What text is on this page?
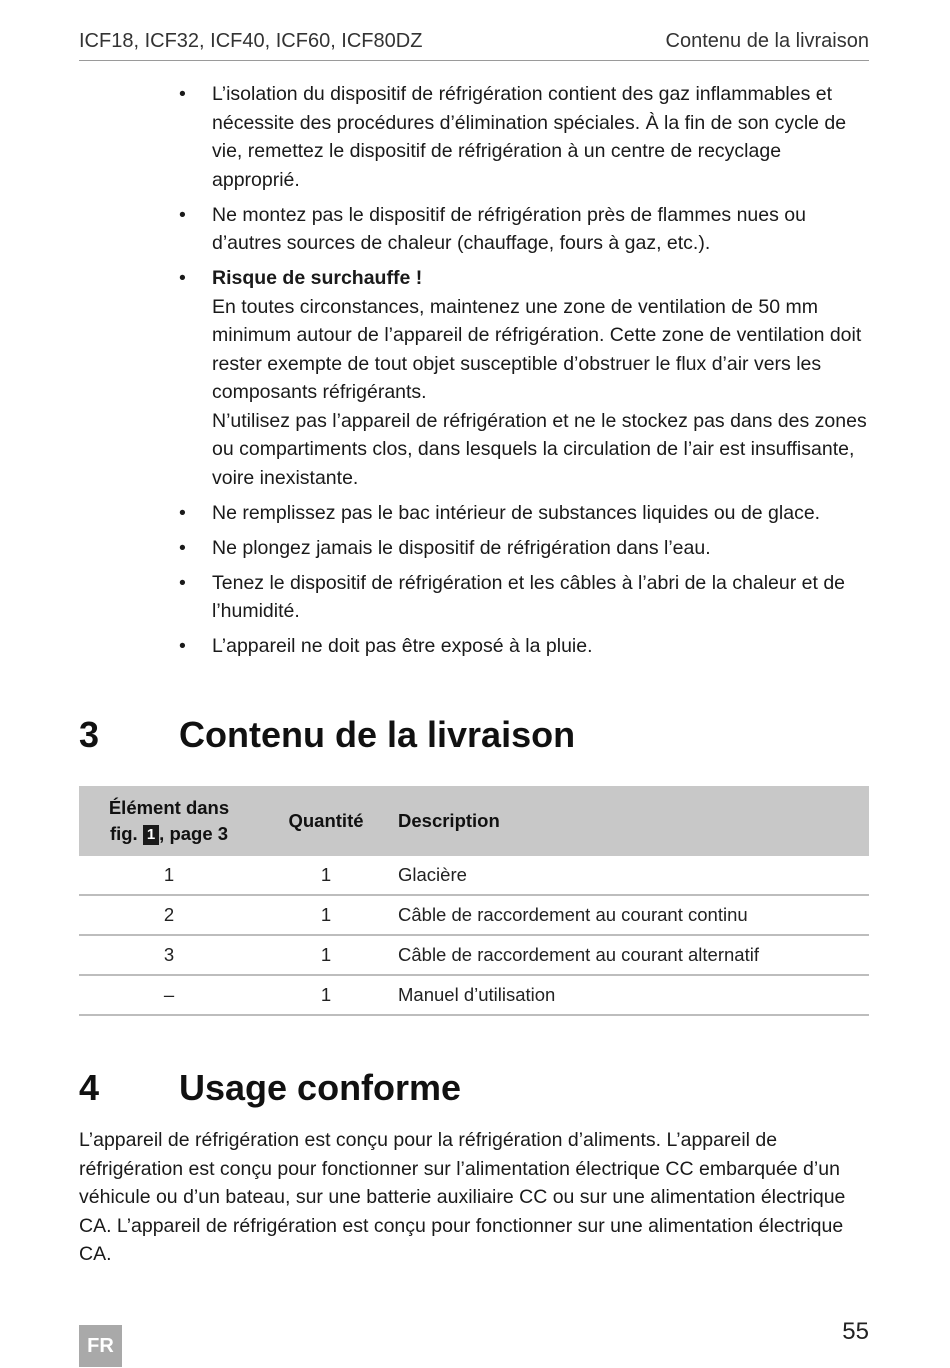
ICF18, ICF32, ICF40, ICF60, ICF80DZ	Contenu de la livraison
• L’isolation du dispositif de réfrigération contient des gaz inflammables et nécessite des procédures d’élimination spéciales. À la fin de son cycle de vie, remettez le dispositif de réfrigération à un centre de recyclage approprié.
• Ne montez pas le dispositif de réfrigération près de flammes nues ou d’autres sources de chaleur (chauffage, fours à gaz, etc.).
• Risque de surchauffe !
En toutes circonstances, maintenez une zone de ventilation de 50 mm minimum autour de l’appareil de réfrigération. Cette zone de ventilation doit rester exempte de tout objet susceptible d’obstruer le flux d’air vers les composants réfrigérants.
N’utilisez pas l’appareil de réfrigération et ne le stockez pas dans des zones ou compartiments clos, dans lesquels la circulation de l’air est insuffisante, voire inexistante.
• Ne remplissez pas le bac intérieur de substances liquides ou de glace.
• Ne plongez jamais le dispositif de réfrigération dans l’eau.
• Tenez le dispositif de réfrigération et les câbles à l’abri de la chaleur et de l’humidité.
• L’appareil ne doit pas être exposé à la pluie.
3 Contenu de la livraison
Élément dans
fig. 1 , page 3	Quantité	Description
1	1	Glacière
2	1	Câble de raccordement au courant continu
3	1	Câble de raccordement au courant alternatif
–	1	Manuel d’utilisation
4 Usage conforme

L’appareil de réfrigération est conçu pour la réfrigération d’aliments. L’appareil de réfrigération est conçu pour fonctionner sur l’alimentation électrique CC embarquée d’un véhicule ou d’un bateau, sur une batterie auxiliaire CC ou sur une alimentation électrique CA. L’appareil de réfrigération est conçu pour fonctionner sur une alimentation électrique CA.

FR
55
